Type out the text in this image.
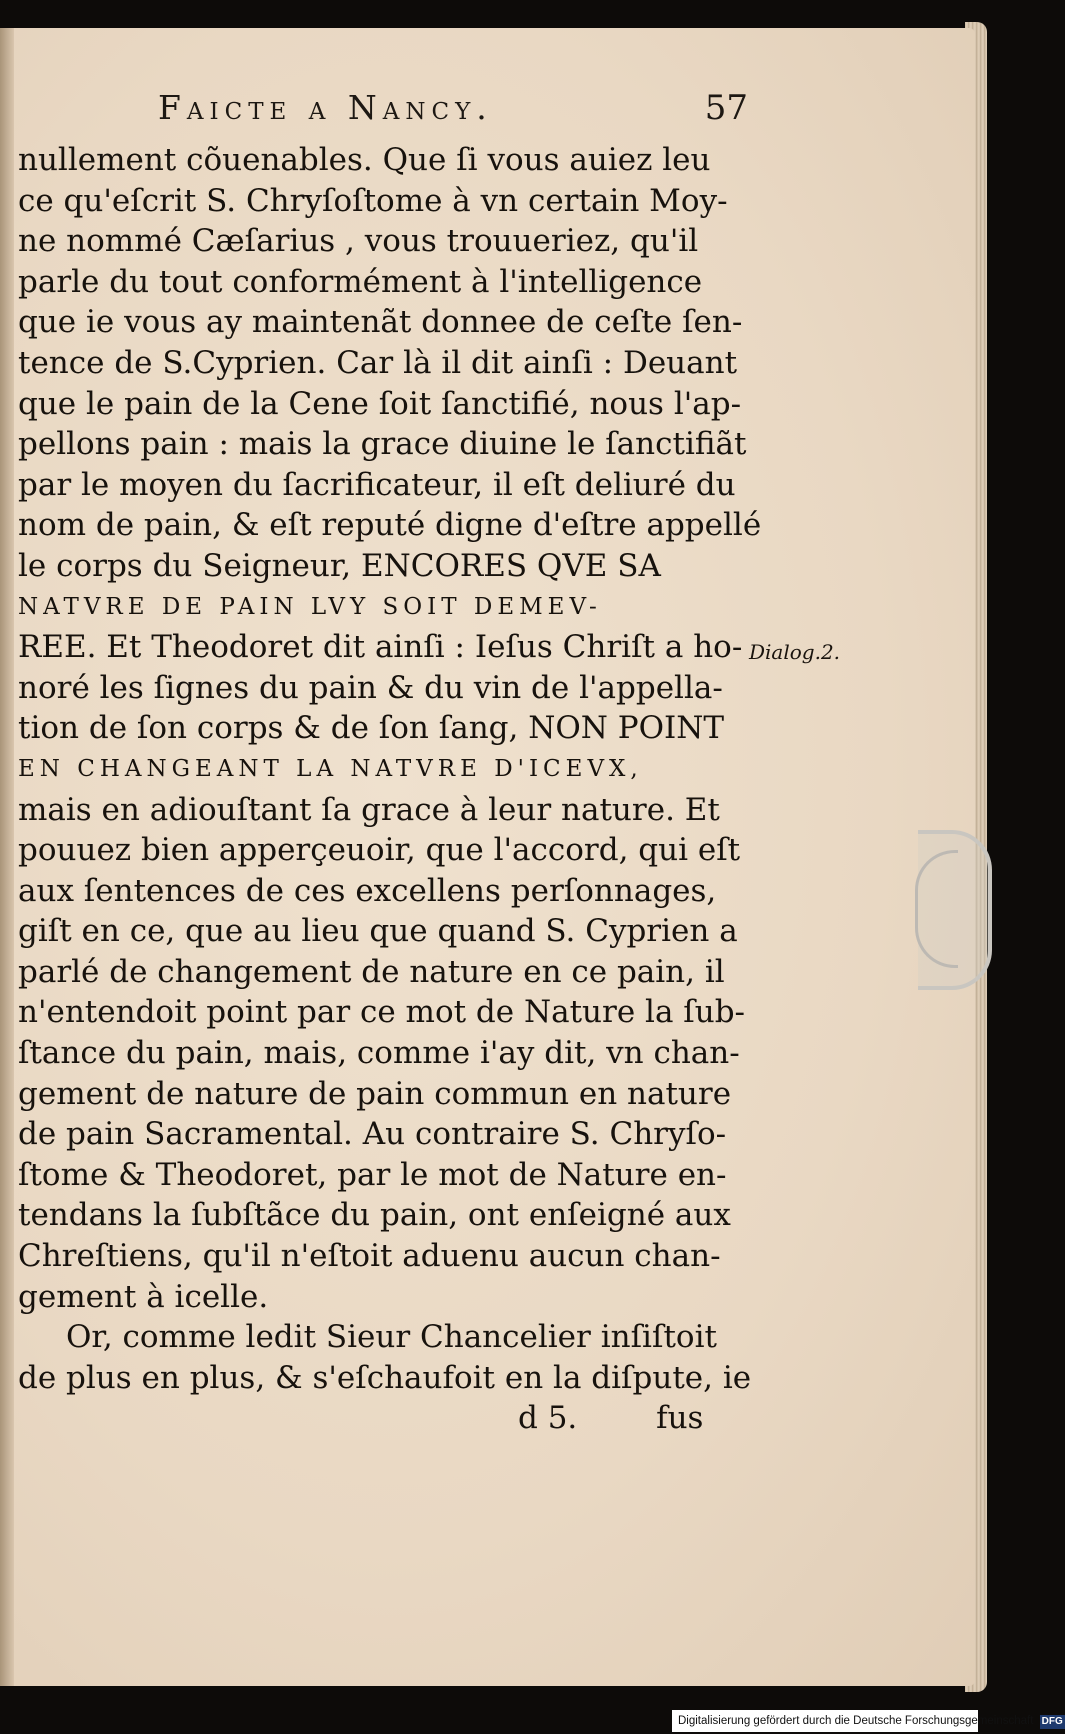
Faicte a Nancy.	57
nullement cõuenables. Que ſi vous auiez leu
ce qu'eſcrit S. Chryſoſtome à vn certain Moy-
ne nommé Cæſarius , vous trouueriez, qu'il
parle du tout conformément à l'intelligence
que ie vous ay maintenãt donnee de ceſte ſen-
tence de S.Cyprien. Car là il dit ainſi : Deuant
que le pain de la Cene ſoit ſanctifié, nous l'ap-
pellons pain : mais la grace diuine le ſanctifiãt
par le moyen du ſacrificateur, il eſt deliuré du
nom de pain, & eſt reputé digne d'eſtre appellé
le corps du Seigneur, ENCORES QVE SA
NATVRE DE PAIN LVY SOIT DEMEV-
REE. Et Theodoret dit ainſi : Ieſus Chriſt a ho-
noré les ſignes du pain & du vin de l'appella-
tion de ſon corps & de ſon ſang, NON POINT
EN CHANGEANT LA NATVRE D'ICEVX,
mais en adiouſtant ſa grace à leur nature. Et
pouuez bien apperçeuoir, que l'accord, qui eſt
aux ſentences de ces excellens perſonnages,
giſt en ce, que au lieu que quand S. Cyprien a
parlé de changement de nature en ce pain, il
n'entendoit point par ce mot de Nature la ſub-
ſtance du pain, mais, comme i'ay dit, vn chan-
gement de nature de pain commun en nature
de pain Sacramental. Au contraire S. Chryſo-
ſtome & Theodoret, par le mot de Nature en-
tendans la ſubſtãce du pain, ont enſeigné aux
Chreſtiens, qu'il n'eſtoit aduenu aucun chan-
gement à icelle.
Or, comme ledit Sieur Chancelier inſiſtoit
de plus en plus, & s'eſchaufoit en la diſpute, ie
d 5.        fus
Dialog.2.
Digitalisierung gefördert durch die Deutsche Forschungsgemeinschaft DFG
